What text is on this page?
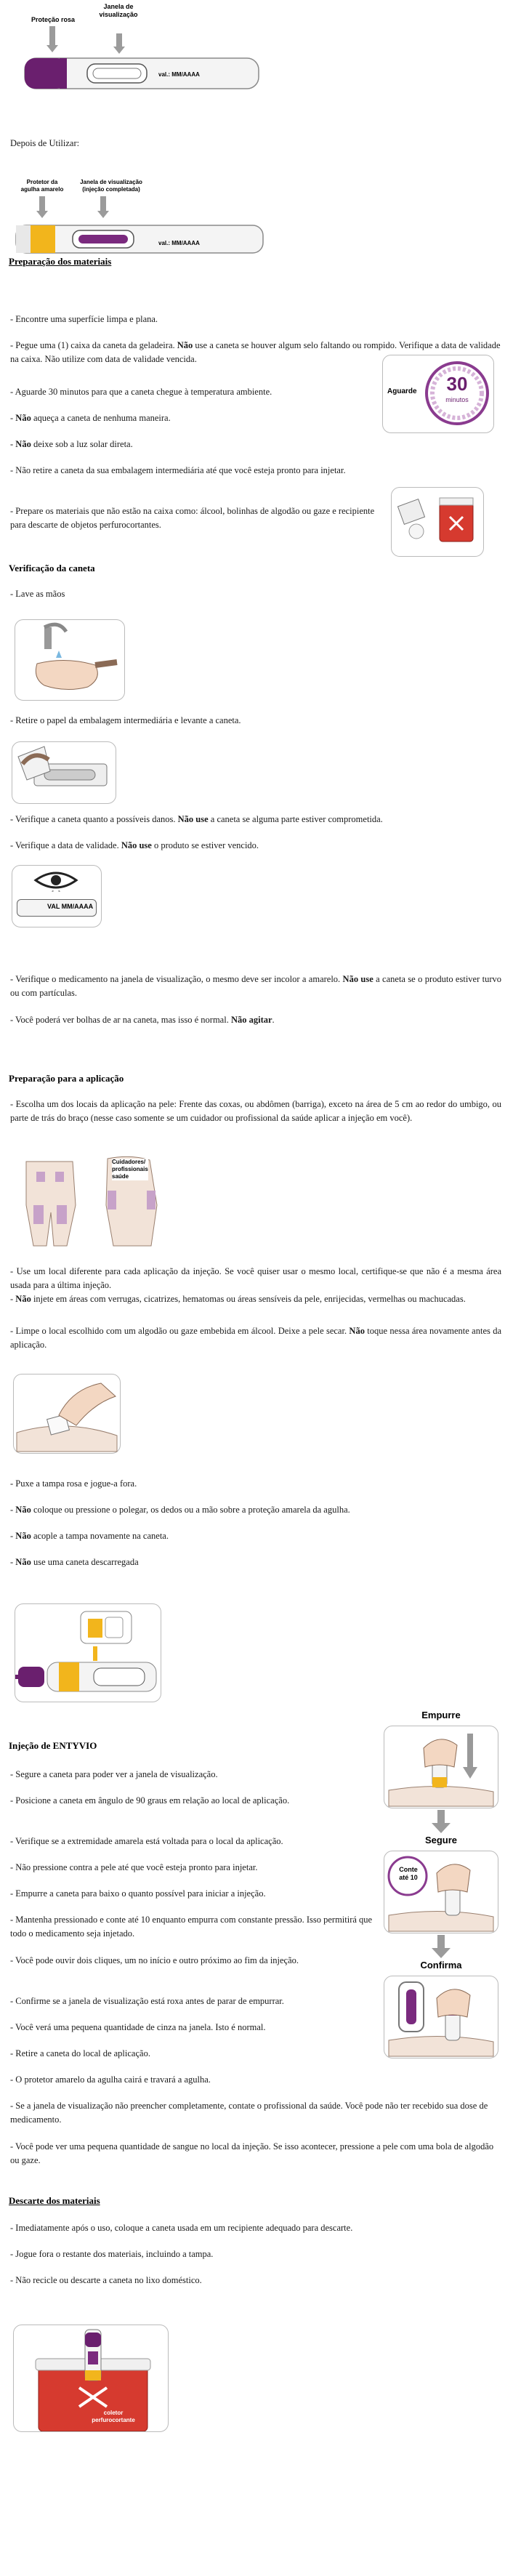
Proteção rosa
Janela de
visualização
val.: MM/AAAA

Depois de Utilizar:

Protetor da
agulha amarelo
Janela de visualização
(injeção completada)
val.: MM/AAAA

Preparação dos materiais

- Encontre uma superfície limpa e plana.

- Pegue uma (1) caixa da caneta da geladeira. Não use a caneta se houver algum selo faltando ou rompido. Verifique a data de validade na caixa. Não utilize com data de validade vencida.

- Aguarde 30 minutos para que a caneta chegue à temperatura ambiente.

- Não aqueça a caneta de nenhuma maneira.

- Não deixe sob a luz solar direta.

- Não retire a caneta da sua embalagem intermediária até que você esteja pronto para injetar.

- Prepare os materiais que não estão na caixa como: álcool, bolinhas de algodão ou gaze e recipiente para descarte de objetos perfurocortantes.

Aguarde	30
minutos

Verificação da caneta

- Lave as mãos

- Retire o papel da embalagem intermediária e levante a caneta.

- Verifique a caneta quanto a possíveis danos. Não use a caneta se alguma parte estiver comprometida.

- Verifique a data de validade. Não use o produto se estiver vencido.

VAL MM/AAAA

- Verifique o medicamento na janela de visualização, o mesmo deve ser incolor a amarelo. Não use a caneta se o produto estiver turvo ou com partículas.

- Você poderá ver bolhas de ar na caneta, mas isso é normal. Não agitar.

Preparação para a aplicação

- Escolha um dos locais da aplicação na pele: Frente das coxas, ou abdômen (barriga), exceto na área de 5 cm ao redor do umbigo, ou parte de trás do braço (nesse caso somente se um cuidador ou profissional da saúde aplicar a injeção em você).

Cuidadores/
profissionais
saúde

- Use um local diferente para cada aplicação da injeção. Se você quiser usar o mesmo local, certifique-se que não é a mesma área usada para a última injeção.

- Não injete em áreas com verrugas, cicatrizes, hematomas ou áreas sensíveis da pele, enrijecidas, vermelhas ou machucadas.

- Limpe o local escolhido com um algodão ou gaze embebida em álcool. Deixe a pele secar. Não toque nessa área novamente antes da aplicação.

- Puxe a tampa rosa e jogue-a fora.

- Não coloque ou pressione o polegar, os dedos ou a mão sobre a proteção amarela da agulha.

- Não acople a tampa novamente na caneta.

- Não use uma caneta descarregada

Injeção de ENTYVIO

- Segure a caneta para poder ver a janela de visualização.

- Posicione a caneta em ângulo de 90 graus em relação ao local de aplicação.

- Verifique se a extremidade amarela está voltada para o local da aplicação.

- Não pressione contra a pele até que você esteja pronto para injetar.

- Empurre a caneta para baixo o quanto possível para iniciar a injeção.

- Mantenha pressionado e conte até 10 enquanto empurra com constante pressão. Isso permitirá que todo o medicamento seja injetado.

- Você pode ouvir dois cliques, um no início e outro próximo ao fim da injeção.

- Confirme se a janela de visualização está roxa antes de parar de empurrar.

- Você verá uma pequena quantidade de cinza na janela. Isto é normal.

- Retire a caneta do local de aplicação.

- O protetor amarelo da agulha cairá e travará a agulha.

- Se a janela de visualização não preencher completamente, contate o profissional da saúde. Você pode não ter recebido sua dose de medicamento.

- Você pode ver uma pequena quantidade de sangue no local da injeção. Se isso acontecer, pressione a pele com uma bola de algodão ou gaze.

Empurre
Segure
Conte
até 10
Confirma

Descarte dos materiais

- Imediatamente após o uso, coloque a caneta usada em um recipiente adequado para descarte.

- Jogue fora o restante dos materiais, incluindo a tampa.

- Não recicle ou descarte a caneta no lixo doméstico.

coletor
perfurocortante
